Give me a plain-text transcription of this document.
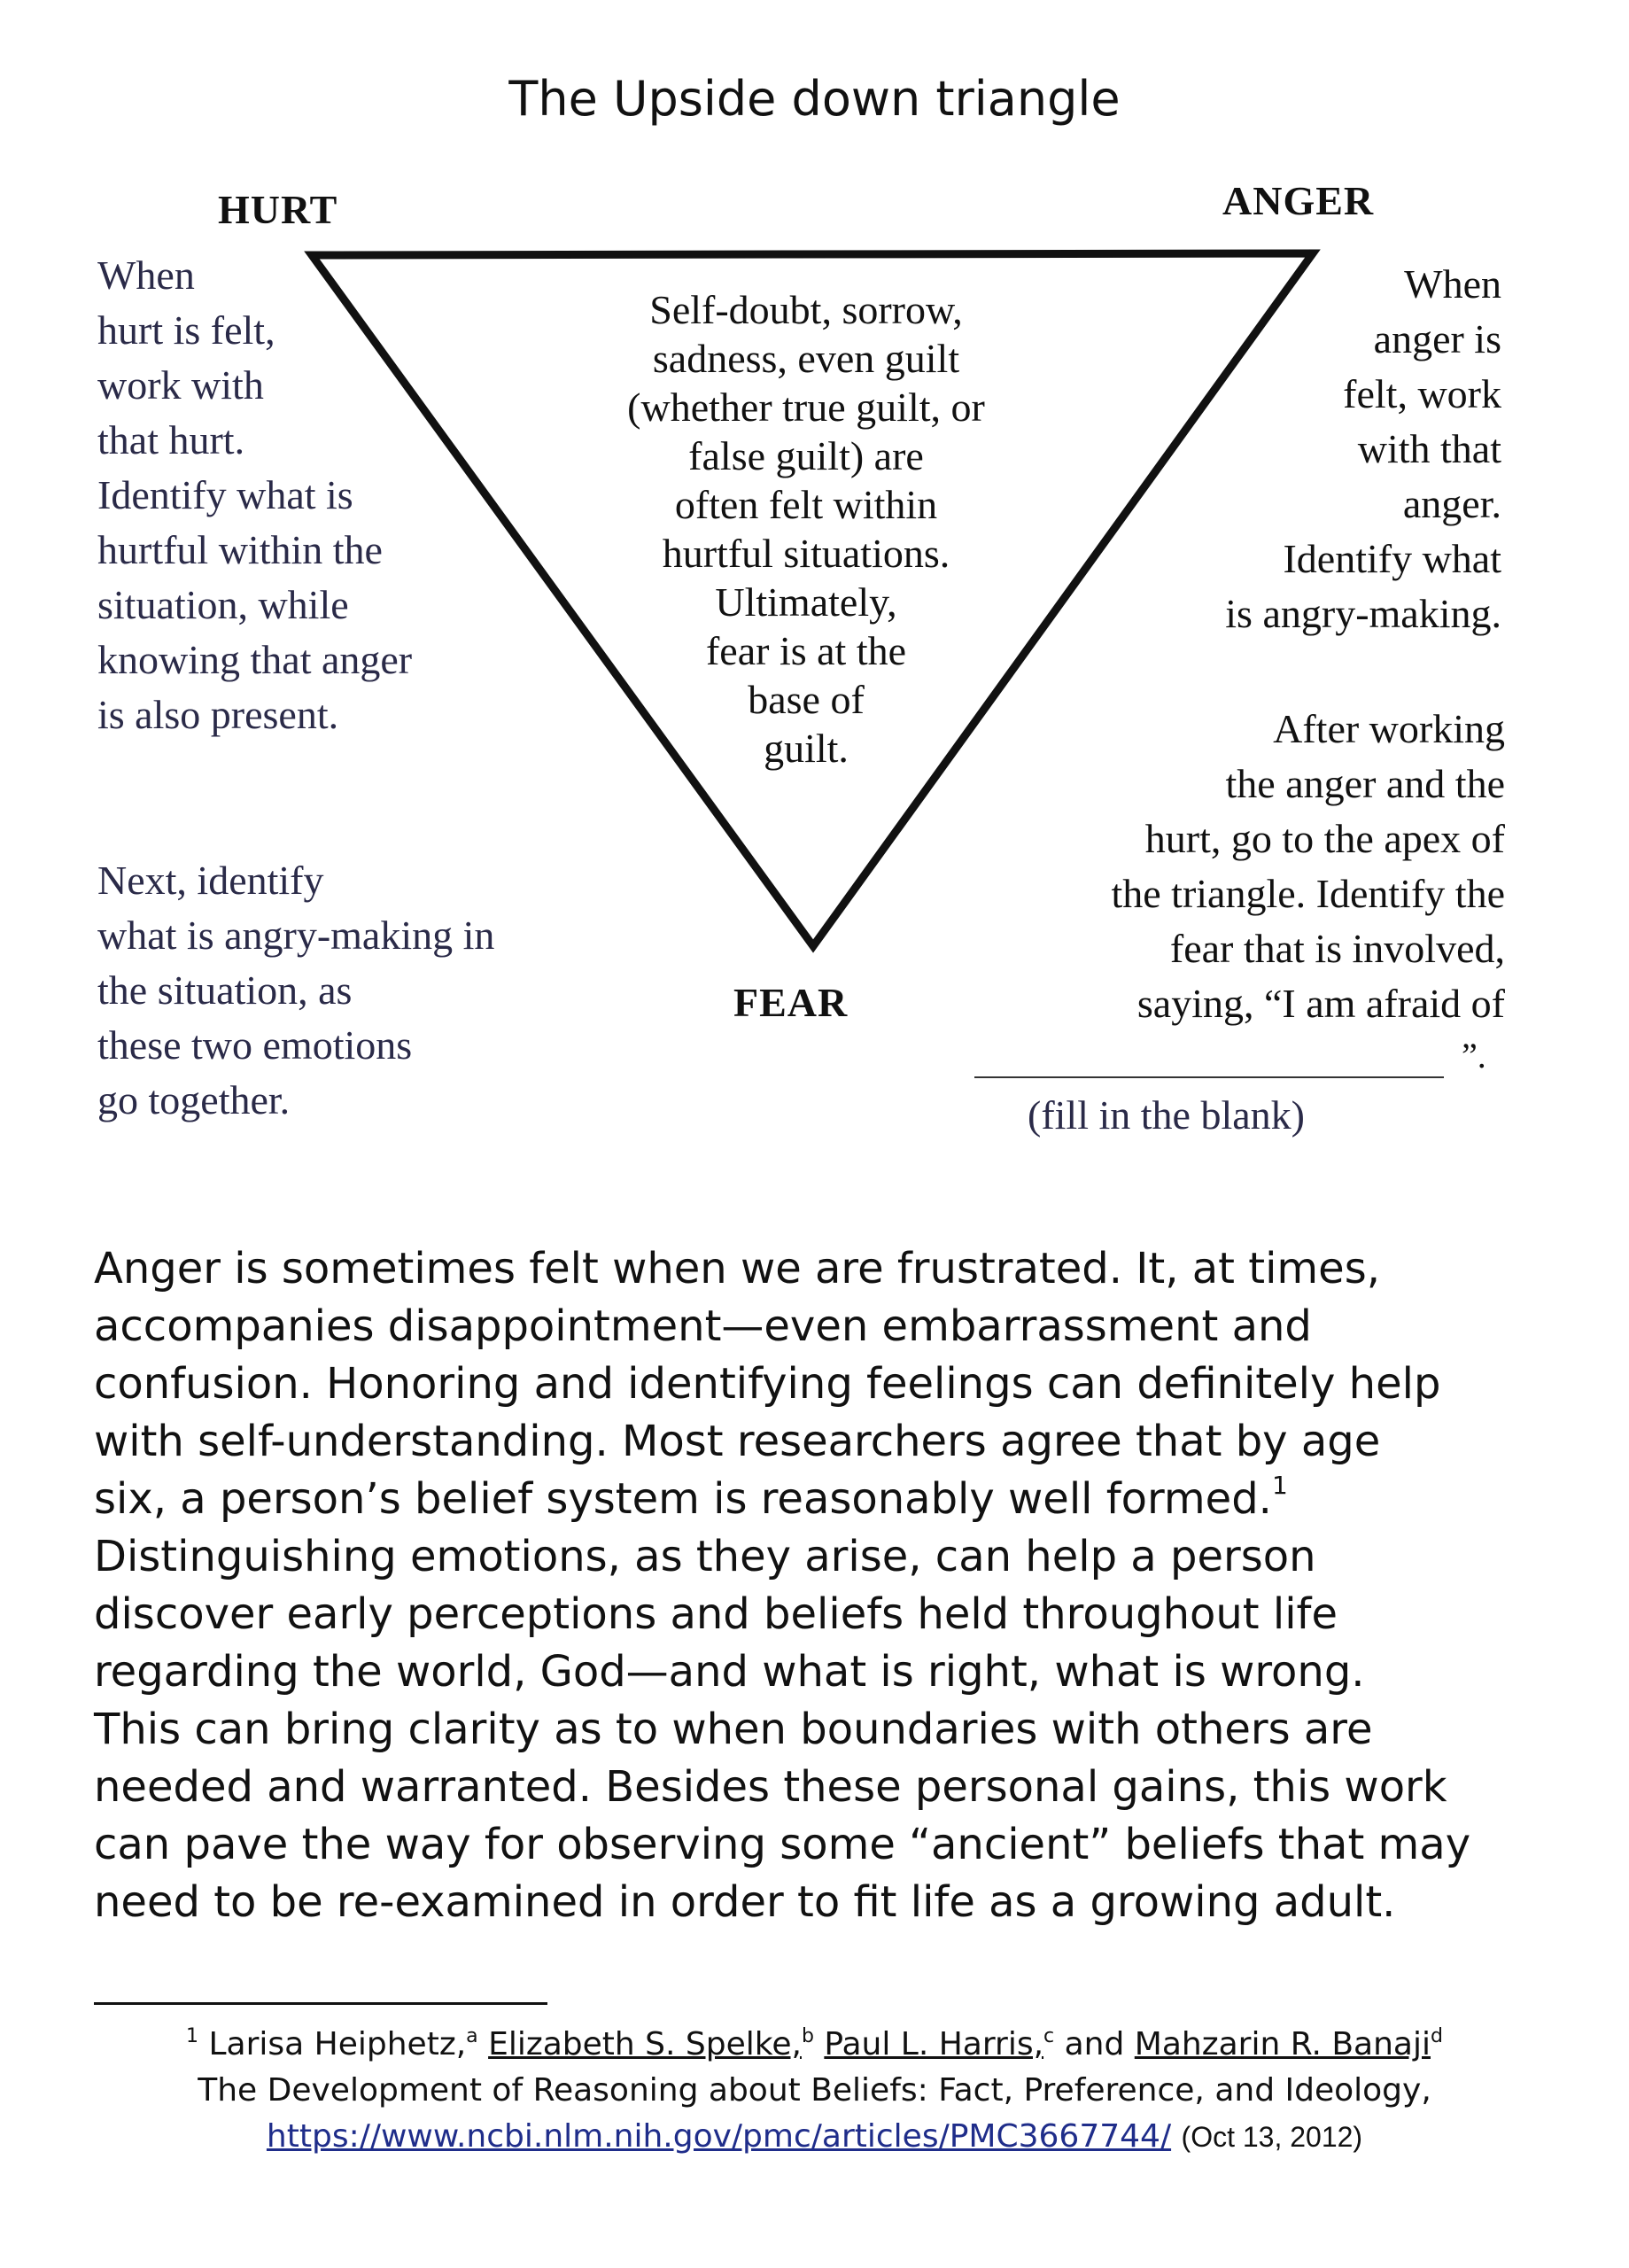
The Upside down triangle
HURT	ANGER
FEAR
When
hurt is felt,
work with
that hurt.
Identify what is
hurtful within the
situation, while
knowing that anger
is also present.
Next, identify
what is angry-making in
the situation, as
these two emotions
go together.
Self-doubt, sorrow,
sadness, even guilt
(whether true guilt, or
false guilt) are
often felt within
hurtful situations.
Ultimately,
fear is at the
base of
guilt.
When
anger is
felt, work
with that
anger.
Identify what
is angry-making.
After working
the anger and the
hurt, go to the apex of
the triangle. Identify the
fear that is involved,
saying, “I am afraid of
”.
(fill in the blank)
Anger is sometimes felt when we are frustrated. It, at times,
accompanies disappointment—even embarrassment and
confusion. Honoring and identifying feelings can definitely help
with self-understanding. Most researchers agree that by age
six, a person’s belief system is reasonably well formed.$^1$
Distinguishing emotions, as they arise, can help a person
discover early perceptions and beliefs held throughout life
regarding the world, God—and what is right, what is wrong.
This can bring clarity as to when boundaries with others are
needed and warranted. Besides these personal gains, this work
can pave the way for observing some “ancient” beliefs that may
need to be re-examined in order to fit life as a growing adult.
$^1$ Larisa Heiphetz,$^a$ Elizabeth S. Spelke,$^b$ Paul L. Harris,$^c$ and Mahzarin R. Banaji$^d$
The Development of Reasoning about Beliefs: Fact, Preference, and Ideology,
https://www.ncbi.nlm.nih.gov/pmc/articles/PMC3667744/ (Oct 13, 2012)
